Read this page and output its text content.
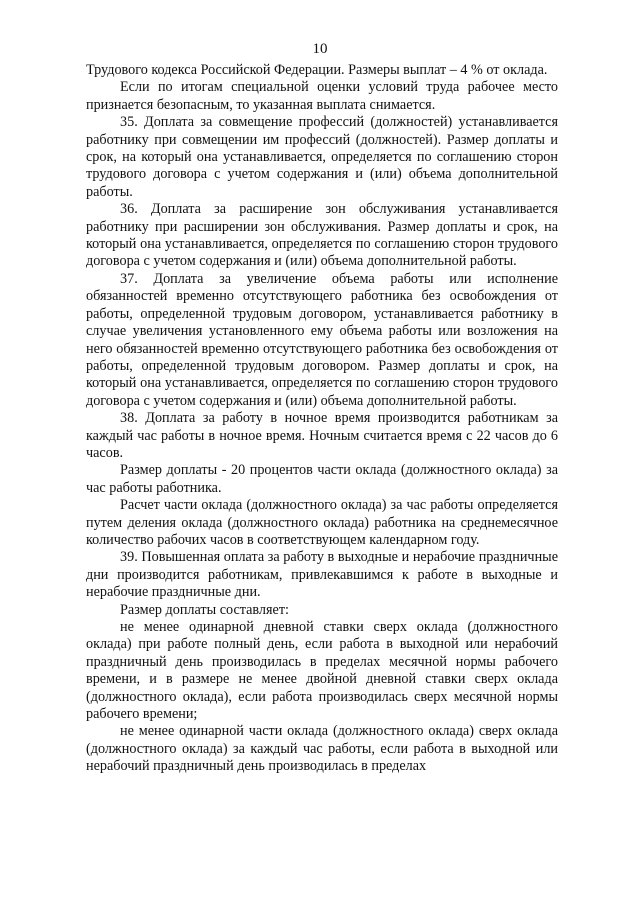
10

Трудового кодекса Российской Федерации. Размеры выплат – 4 % от оклада.

Если по итогам специальной оценки условий труда рабочее место признается безопасным, то указанная выплата снимается.

35. Доплата за совмещение профессий (должностей) устанавливается работнику при совмещении им профессий (должностей). Размер доплаты и срок, на который она устанавливается, определяется по соглашению сторон трудового договора с учетом содержания и (или) объема дополнительной работы.

36. Доплата за расширение зон обслуживания устанавливается работнику при расширении зон обслуживания. Размер доплаты и срок, на который она устанавливается, определяется по соглашению сторон трудового договора с учетом содержания и (или) объема дополнительной работы.

37. Доплата за увеличение объема работы или исполнение обязанностей временно отсутствующего работника без освобождения от работы, определенной трудовым договором, устанавливается работнику в случае увеличения установленного ему объема работы или возложения на него обязанностей временно отсутствующего работника без освобождения от работы, определенной трудовым договором. Размер доплаты и срок, на который она устанавливается, определяется по соглашению сторон трудового договора с учетом содержания и (или) объема дополнительной работы.

38. Доплата за работу в ночное время производится работникам за каждый час работы в ночное время. Ночным считается время с 22 часов до 6 часов.

Размер доплаты - 20 процентов части оклада (должностного оклада) за час работы работника.

Расчет части оклада (должностного оклада) за час работы определяется путем деления оклада (должностного оклада) работника на среднемесячное количество рабочих часов в соответствующем календарном году.

39. Повышенная оплата за работу в выходные и нерабочие праздничные дни производится работникам, привлекавшимся к работе в выходные и нерабочие праздничные дни.

Размер доплаты составляет:

не менее одинарной дневной ставки сверх оклада (должностного оклада) при работе полный день, если работа в выходной или нерабочий праздничный день производилась в пределах месячной нормы рабочего времени, и в размере не менее двойной дневной ставки сверх оклада (должностного оклада), если работа производилась сверх месячной нормы рабочего времени;

не менее одинарной части оклада (должностного оклада) сверх оклада (должностного оклада) за каждый час работы, если работа в выходной или нерабочий праздничный день производилась в пределах
